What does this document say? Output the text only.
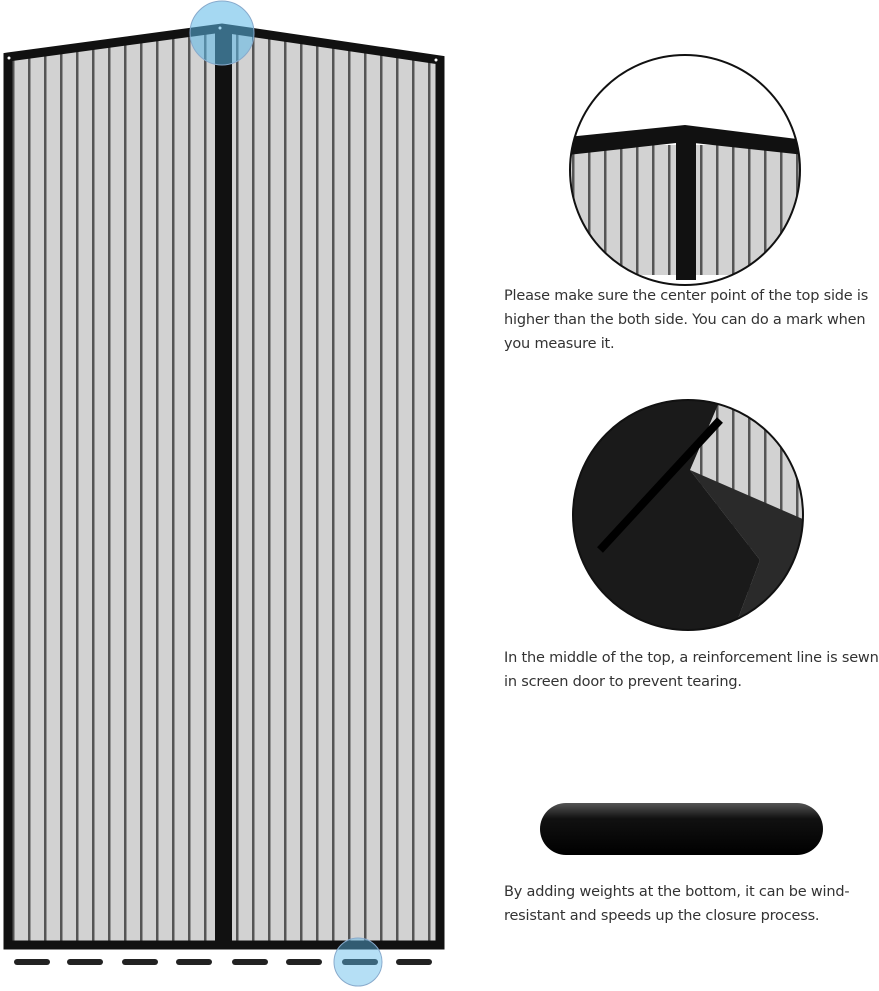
Please make sure the center point of the top side is higher than the both side. You can do a mark when you measure it.
In the middle of the top, a reinforcement line is sewn in screen door to prevent tearing.
By adding weights at the bottom, it can be wind-resistant and speeds up the closure process.
